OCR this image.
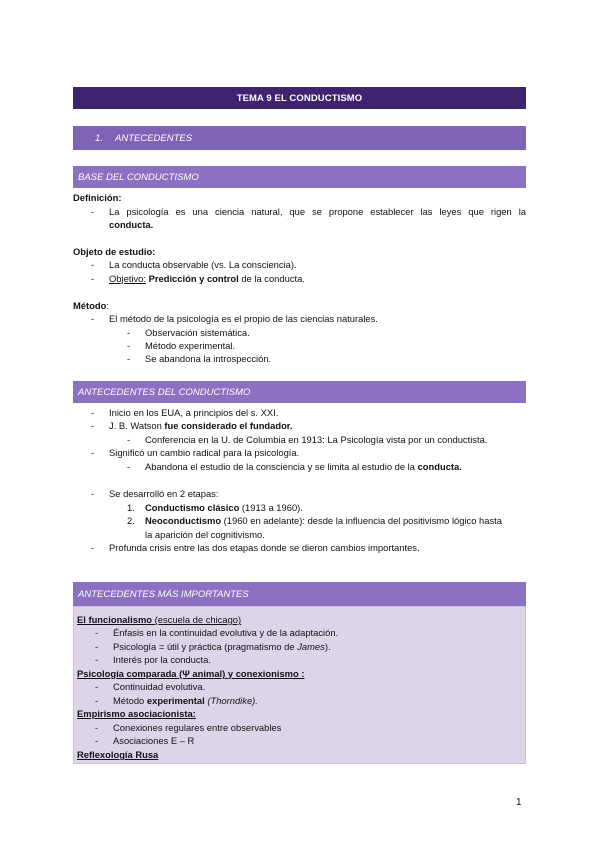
TEMA 9 EL CONDUCTISMO
1.	ANTECEDENTES
BASE DEL CONDUCTISMO
Definición:
- La psicología es una ciencia natural, que se propone establecer las leyes que rigen la
conducta.
Objeto de estudio:
- La conducta observable (vs. La consciencia).
- Objetivo: Predicción y control de la conducta.
Método:
- El método de la psicología es el propio de las ciencias naturales.
- Observación sistemática.
- Método experimental.
- Se abandona la introspección.
ANTECEDENTES DEL CONDUCTISMO
- Inicio en los EUA, a principios del s. XXI.
- J. B. Watson fue considerado el fundador.
- Conferencia en la U. de Columbia en 1913: La Psicología vista por un conductista.
- Significó un cambio radical para la psicología.
- Abandona el estudio de la consciencia y se limita al estudio de la conducta.
- Se desarrolló en 2 etapas:
1. Conductismo clásico (1913 a 1960).
2. Neoconductismo (1960 en adelante): desde la influencia del positivismo lógico hasta
la aparición del cognitivismo.
- Profunda crisis entre las dos etapas donde se dieron cambios importantes.
ANTECEDENTES MÁS IMPORTANTES
El funcionalismo (escuela de chicago)
- Énfasis en la continuidad evolutiva y de la adaptación.
- Psicología = útil y práctica (pragmatismo de James).
- Interés por la conducta.
Psicología comparada (Ψ animal) y conexionismo :
- Continuidad evolutiva.
- Método experimental (Thorndike).
Empirismo asociacionista:
- Conexiones regulares entre observables
- Asociaciones E – R
Reflexología Rusa
1
